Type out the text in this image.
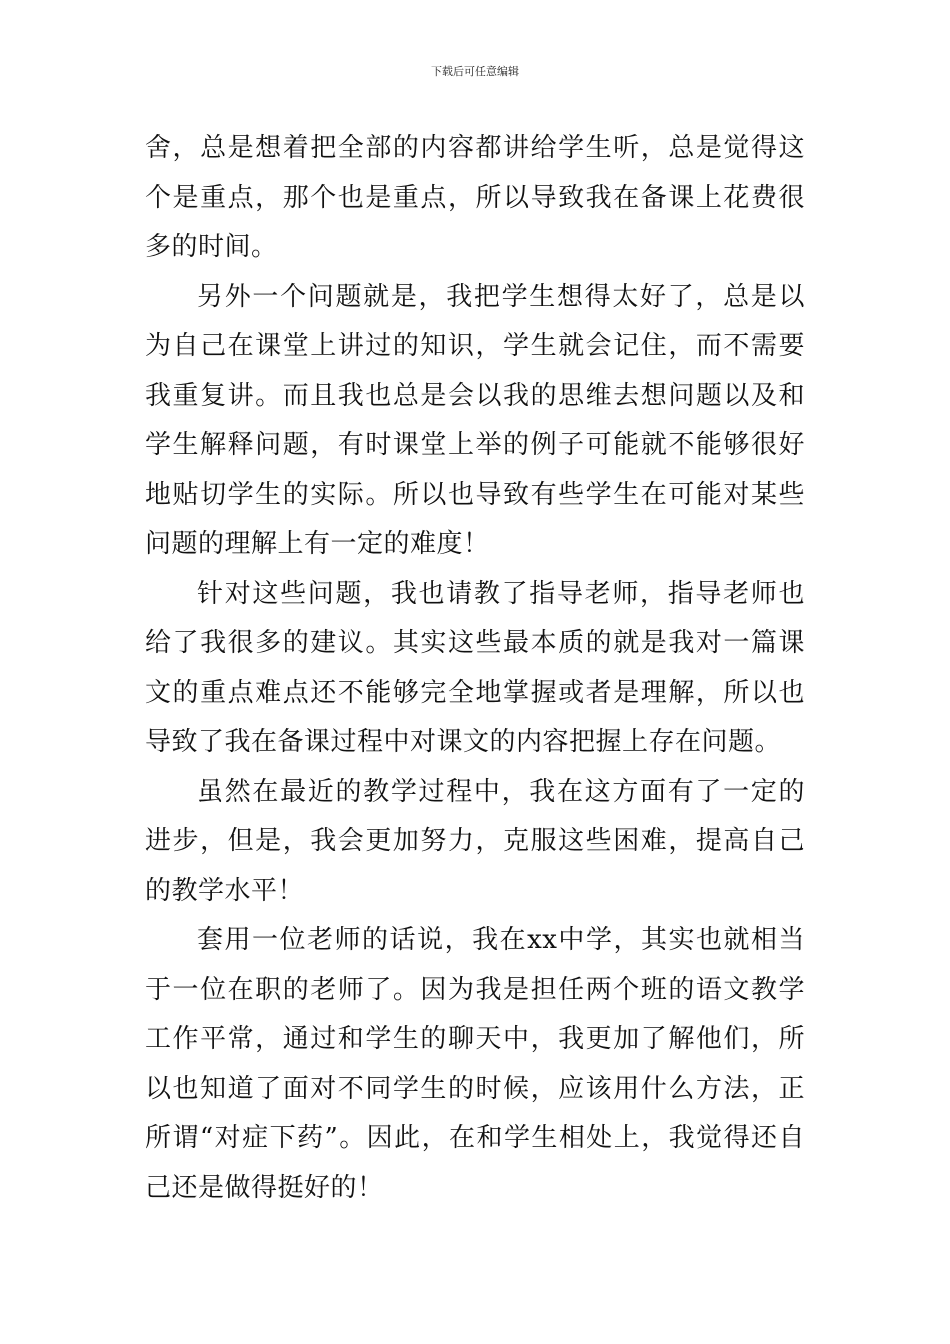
下载后可任意编辑

舍，总是想着把全部的内容都讲给学生听，总是觉得这个是重点，那个也是重点，所以导致我在备课上花费很多的时间。

另外一个问题就是，我把学生想得太好了，总是以为自己在课堂上讲过的知识，学生就会记住，而不需要我重复讲。而且我也总是会以我的思维去想问题以及和学生解释问题，有时课堂上举的例子可能就不能够很好地贴切学生的实际。所以也导致有些学生在可能对某些问题的理解上有一定的难度！

针对这些问题，我也请教了指导老师，指导老师也给了我很多的建议。其实这些最本质的就是我对一篇课文的重点难点还不能够完全地掌握或者是理解，所以也导致了我在备课过程中对课文的内容把握上存在问题。

虽然在最近的教学过程中，我在这方面有了一定的进步，但是，我会更加努力，克服这些困难，提高自己的教学水平！

套用一位老师的话说，我在xx中学，其实也就相当于一位在职的老师了。因为我是担任两个班的语文教学工作平常，通过和学生的聊天中，我更加了解他们，所以也知道了面对不同学生的时候，应该用什么方法，正所谓“对症下药”。因此，在和学生相处上，我觉得还自己还是做得挺好的！
